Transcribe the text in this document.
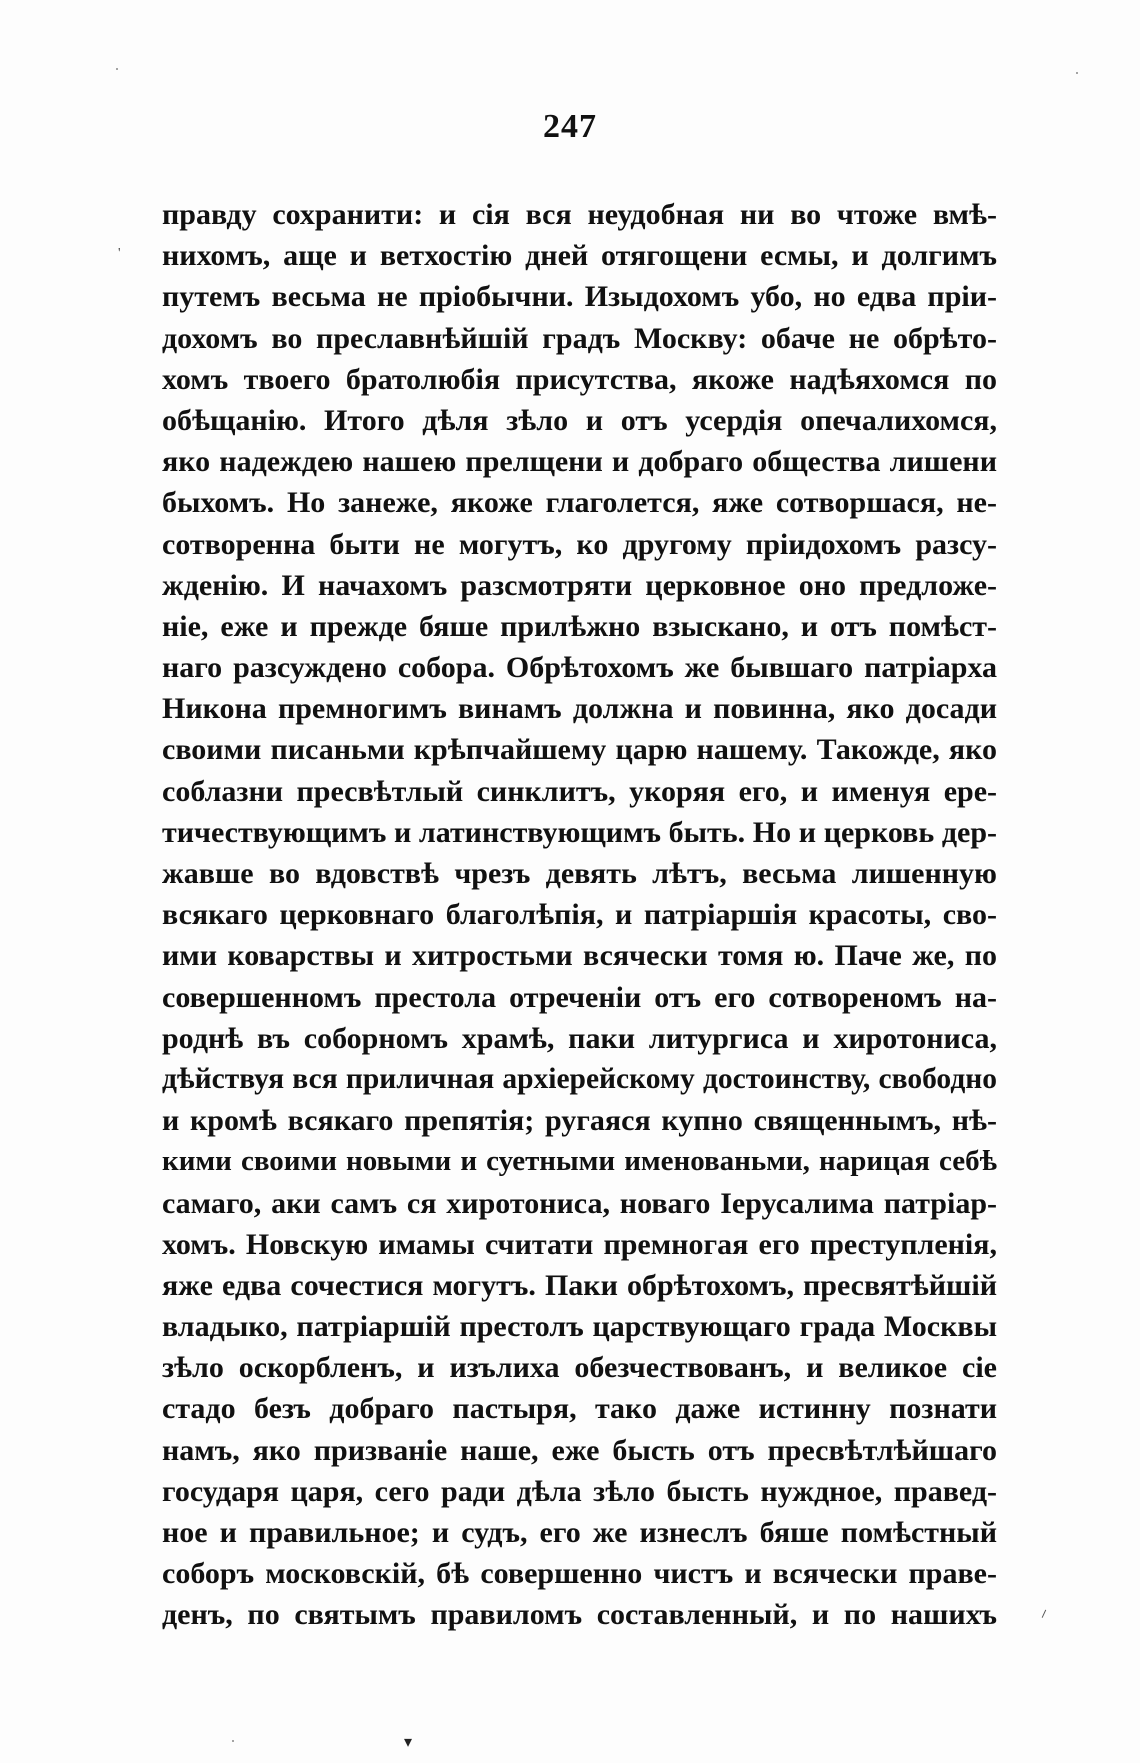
'
247
правду сохранити: и сія вся неудобная ни во чтоже вмѣ-
нихомъ, аще и ветхостію дней отягощени есмы, и долгимъ
путемъ весьма не пріобычни. Изыдохомъ убо, но едва пріи-
дохомъ во преславнѣйшій градъ Москву: обаче не обрѣто-
хомъ твоего братолюбія присутства, якоже надѣяхомся по
обѣщанію. Итого дѣля зѣло и отъ усердія опечалихомся,
яко надеждею нашею прелщени и добраго общества лишени
быхомъ. Но занеже, якоже глаголется, яже сотворшася, не-
сотворенна быти не могутъ, ко другому пріидохомъ разсу-
жденію. И начахомъ разсмотряти церковное оно предложе-
ніе, еже и прежде бяше прилѣжно взыскано, и отъ помѣст-
наго разсуждено собора. Обрѣтохомъ же бывшаго патріарха
Никона премногимъ винамъ должна и повинна, яко досади
своими писаньми крѣпчайшему царю нашему. Такожде, яко
соблазни пресвѣтлый синклитъ, укоряя его, и именуя ере-
тичествующимъ и латинствующимъ быть. Но и церковь дер-
жавше во вдовствѣ чрезъ девять лѣтъ, весьма лишенную
всякаго церковнаго благолѣпія, и патріаршія красоты, сво-
ими коварствы и хитростьми всячески томя ю. Паче же, по
совершенномъ престола отреченіи отъ его сотвореномъ на-
роднѣ въ соборномъ храмѣ, паки литургиса и хиротониса,
дѣйствуя вся приличная архіерейскому достоинству, свободно
и кромѣ всякаго препятія; ругаяся купно священнымъ, нѣ-
кими своими новыми и суетными именованьми, нарицая себѣ
самаго, аки самъ ся хиротониса, новаго Іерусалима патріар-
хомъ. Новскую имамы считати премногая его преступленія,
яже едва сочестися могутъ. Паки обрѣтохомъ, пресвятѣйшій
владыко, патріаршій престолъ царствующаго града Москвы
зѣло оскорбленъ, и изълиха обезчествованъ, и великое сіе
стадо безъ добраго пастыря, тако даже истинну познати
намъ, яко призваніе наше, еже бысть отъ пресвѣтлѣйшаго
государя царя, сего ради дѣла зѣло бысть нуждное, правед-
ное и правильное; и судъ, его же изнеслъ бяше помѣстный
соборъ московскій, бѣ совершенно чистъ и всячески праве-
денъ, по святымъ правиломъ составленный, и по нашихъ ⸝
▾
